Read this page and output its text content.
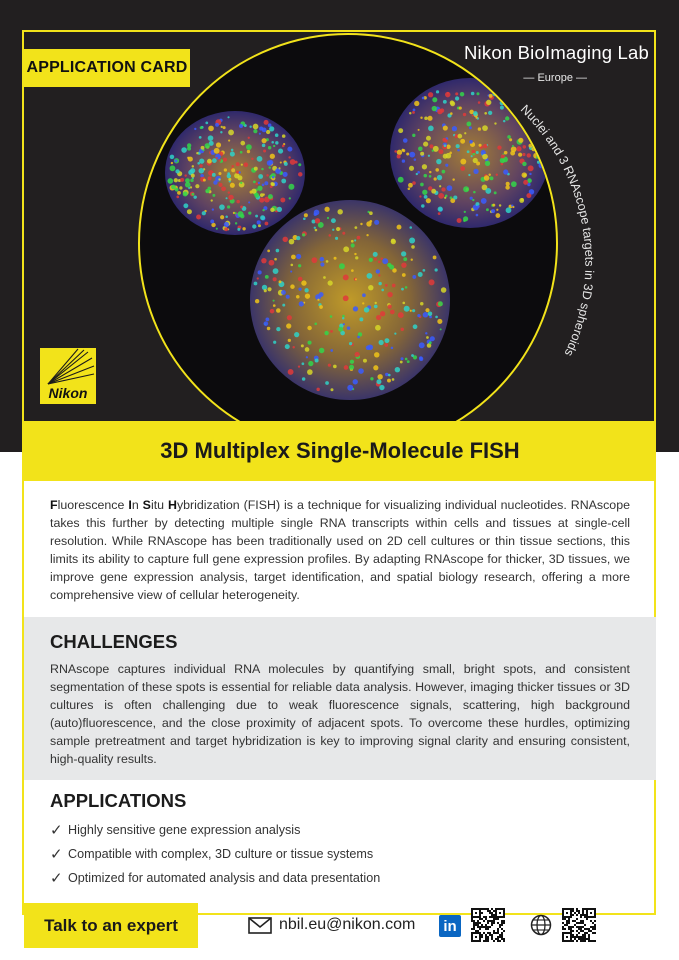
APPLICATION CARD
Nikon BioImaging Lab
— Europe —
Nuclei and 3 RNAscope targets in 3D spheroids
Nikon
3D Multiplex Single-Molecule FISH

Fluorescence In Situ Hybridization (FISH) is a technique for visualizing individual nucleotides. RNAscope takes this further by detecting multiple single RNA transcripts within cells and tissues at single-cell resolution. While RNAscope has been traditionally used on 2D cell cultures or thin tissue sections, this limits its ability to capture full gene expression profiles. By adapting RNAscope for thicker, 3D tissues, we improve gene expression analysis, target identification, and spatial biology research, offering a more comprehensive view of cellular heterogeneity.

CHALLENGES

RNAscope captures individual RNA molecules by quantifying small, bright spots, and consistent segmentation of these spots is essential for reliable data analysis. However, imaging thicker tissues or 3D cultures is often challenging due to weak fluorescence signals, scattering, high background (auto)fluorescence, and the close proximity of adjacent spots. To overcome these hurdles, optimizing sample pretreatment and target hybridization is key to improving signal clarity and ensuring consistent, high-quality results.

APPLICATIONS
✓ Highly sensitive gene expression analysis
✓ Compatible with complex, 3D culture or tissue systems
✓ Optimized for automated analysis and data presentation
Talk to an expert	nbil.eu@nikon.com in
